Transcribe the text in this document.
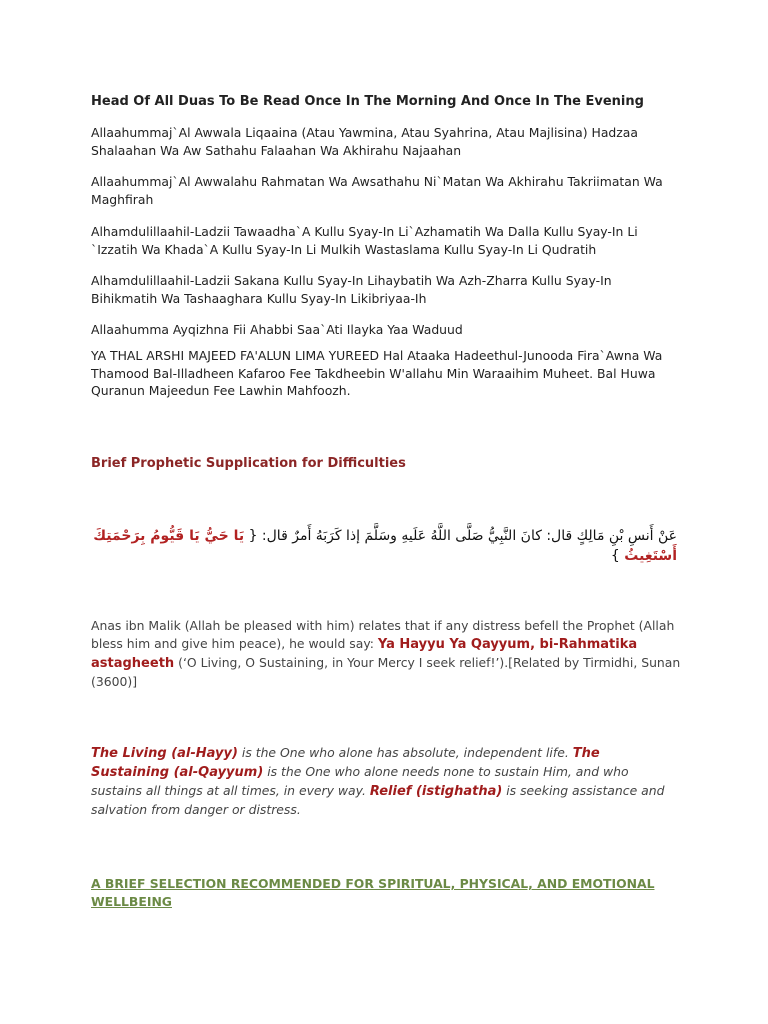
Head Of All Duas To Be Read Once In The Morning And Once In The Evening

Allaahummaj`Al Awwala Liqaaina (Atau Yawmina, Atau Syahrina, Atau Majlisina) Hadzaa Shalaahan Wa Aw Sathahu Falaahan Wa Akhirahu Najaahan

Allaahummaj`Al Awwalahu Rahmatan Wa Awsathahu Ni`Matan Wa Akhirahu Takriimatan Wa Maghfirah

Alhamdulillaahil-Ladzii Tawaadha`A Kullu Syay-In Li`Azhamatih Wa Dalla Kullu Syay-In Li `Izzatih Wa Khada`A Kullu Syay-In Li Mulkih Wastaslama Kullu Syay-In Li Qudratih

Alhamdulillaahil-Ladzii Sakana Kullu Syay-In Lihaybatih Wa Azh-Zharra Kullu Syay-In Bihikmatih Wa Tashaaghara Kullu Syay-In Likibriyaa-Ih

Allaahumma Ayqizhna Fii Ahabbi Saa`Ati Ilayka Yaa Waduud

YA THAL ARSHI MAJEED FA'ALUN LIMA YUREED Hal Ataaka Hadeethul-Junooda Fira`Awna Wa Thamood Bal-Illadheen Kafaroo Fee Takdheebin W'allahu Min Waraaihim Muheet. Bal Huwa Quranun Majeedun Fee Lawhin Mahfoozh.

Brief Prophetic Supplication for Difficulties

عَنْ أَنسِ بْنِ مَالِكٍ قال: كانَ النَّبِيُّ صَلَّى اللَّهُ عَلَيهِ وسَلَّمَ إذا كَرَبَهُ أَمرٌ قال: { يَا حَيُّ يَا قَيُّومُ بِرَحْمَتِكَ أَسْتَغِيثُ }

Anas ibn Malik (Allah be pleased with him) relates that if any distress befell the Prophet (Allah bless him and give him peace), he would say: Ya Hayyu Ya Qayyum, bi-Rahmatika astagheeth (‘O Living, O Sustaining, in Your Mercy I seek relief!’).[Related by Tirmidhi, Sunan (3600)]

The Living (al-Hayy) is the One who alone has absolute, independent life. The Sustaining (al-Qayyum) is the One who alone needs none to sustain Him, and who sustains all things at all times, in every way. Relief (istighatha) is seeking assistance and salvation from danger or distress.

A BRIEF SELECTION RECOMMENDED FOR SPIRITUAL, PHYSICAL, AND EMOTIONAL WELLBEING
